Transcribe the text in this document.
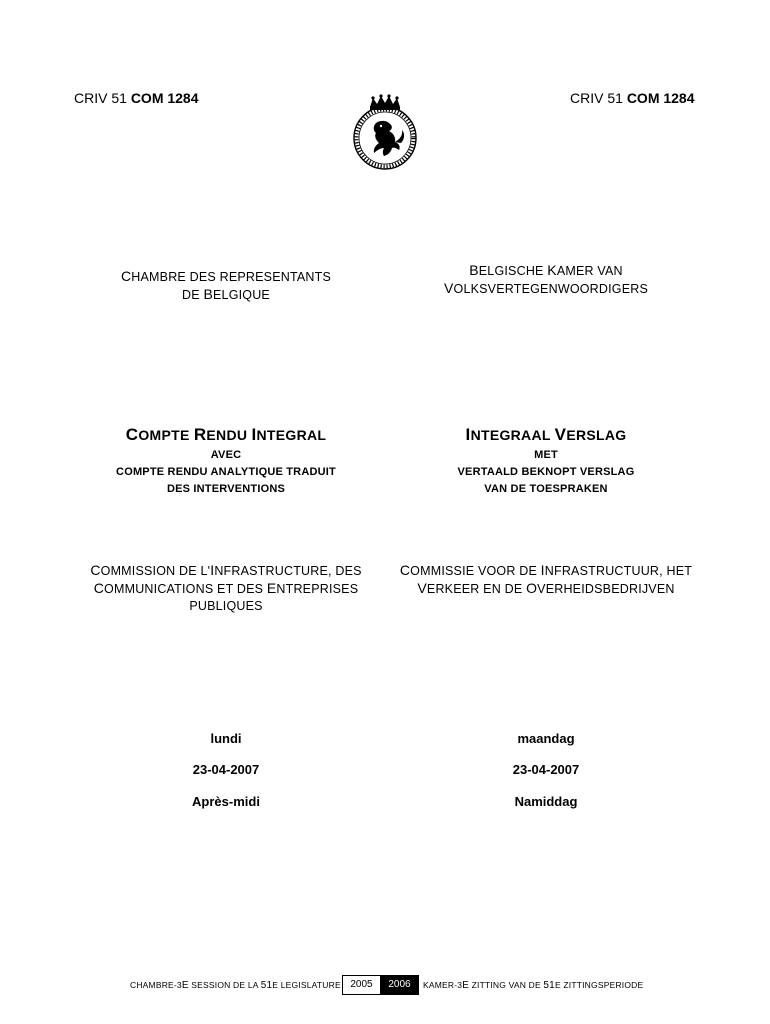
CRIV 51 COM 1284	CRIV 51 COM 1284
CHAMBRE DES REPRESENTANTS
DE BELGIQUE
BELGISCHE KAMER VAN
VOLKSVERTEGENWOORDIGERS
COMPTE RENDU INTEGRAL
AVEC
COMPTE RENDU ANALYTIQUE TRADUIT
DES INTERVENTIONS
INTEGRAAL VERSLAG
MET
VERTAALD BEKNOPT VERSLAG
VAN DE TOESPRAKEN
COMMISSION DE L'INFRASTRUCTURE, DES
COMMUNICATIONS ET DES ENTREPRISES
PUBLIQUES
COMMISSIE VOOR DE INFRASTRUCTUUR, HET
VERKEER EN DE OVERHEIDSBEDRIJVEN
lundi
23-04-2007
Après-midi
maandag
23-04-2007
Namiddag
CHAMBRE-3E SESSION DE LA 51E LEGISLATURE 2005	2006	KAMER-3E ZITTING VAN DE 51E ZITTINGSPERIODE
